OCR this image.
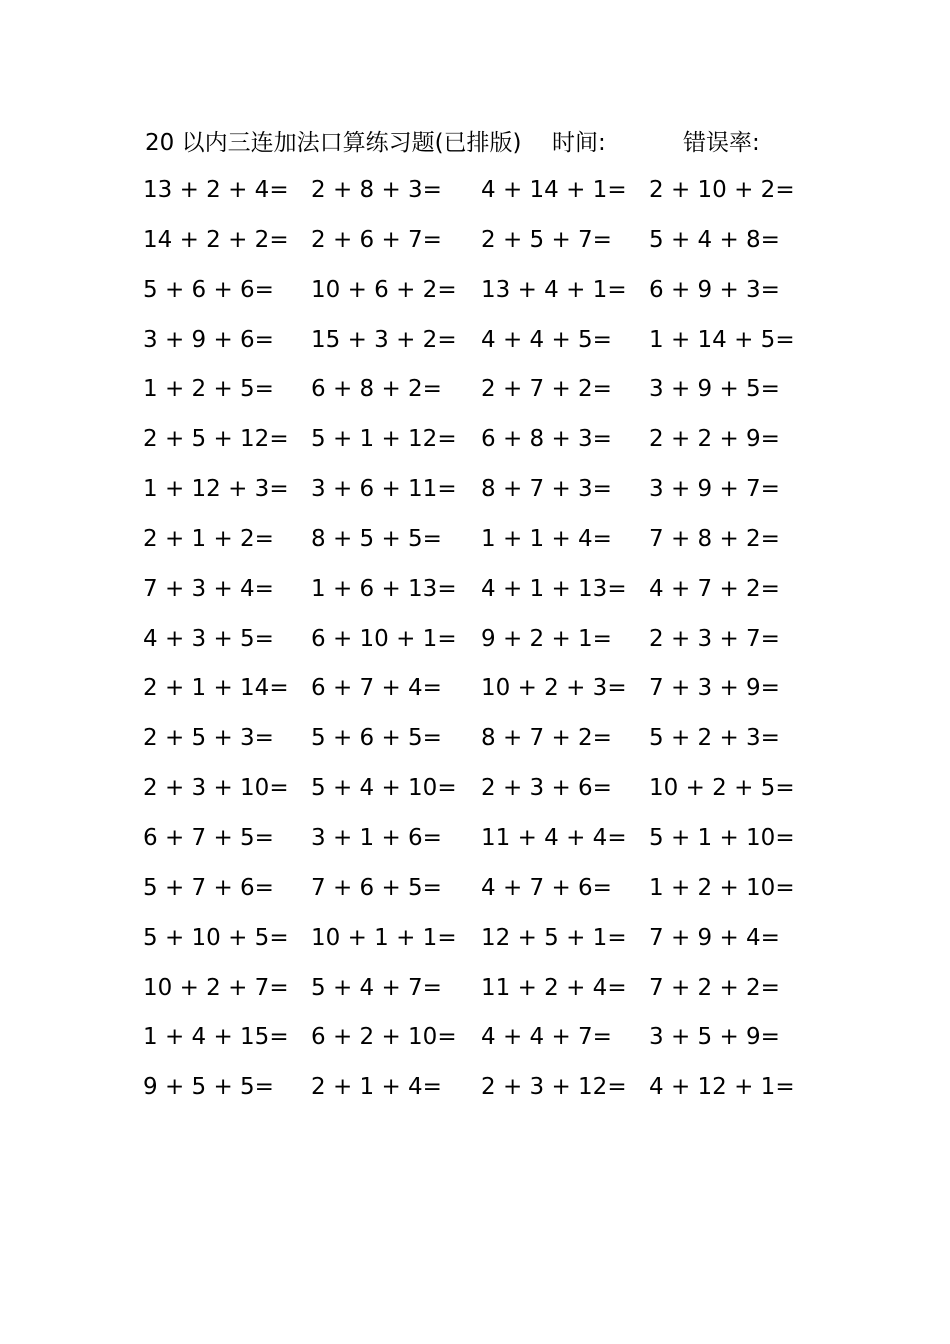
20 以内三连加法口算练习题(已排版) 时间:	错误率:
13 + 2 + 4= 2 + 8 + 3= 4 + 14 + 1= 2 + 10 + 2=
14 + 2 + 2= 2 + 6 + 7= 2 + 5 + 7= 5 + 4 + 8=
5 + 6 + 6= 10 + 6 + 2= 13 + 4 + 1= 6 + 9 + 3=
3 + 9 + 6= 15 + 3 + 2= 4 + 4 + 5= 1 + 14 + 5=
1 + 2 + 5= 6 + 8 + 2= 2 + 7 + 2= 3 + 9 + 5=
2 + 5 + 12= 5 + 1 + 12= 6 + 8 + 3= 2 + 2 + 9=
1 + 12 + 3= 3 + 6 + 11= 8 + 7 + 3= 3 + 9 + 7=
2 + 1 + 2= 8 + 5 + 5= 1 + 1 + 4= 7 + 8 + 2=
7 + 3 + 4= 1 + 6 + 13= 4 + 1 + 13= 4 + 7 + 2=
4 + 3 + 5= 6 + 10 + 1= 9 + 2 + 1= 2 + 3 + 7=
2 + 1 + 14= 6 + 7 + 4= 10 + 2 + 3= 7 + 3 + 9=
2 + 5 + 3= 5 + 6 + 5= 8 + 7 + 2= 5 + 2 + 3=
2 + 3 + 10= 5 + 4 + 10= 2 + 3 + 6= 10 + 2 + 5=
6 + 7 + 5= 3 + 1 + 6= 11 + 4 + 4= 5 + 1 + 10=
5 + 7 + 6= 7 + 6 + 5= 4 + 7 + 6= 1 + 2 + 10=
5 + 10 + 5= 10 + 1 + 1= 12 + 5 + 1= 7 + 9 + 4=
10 + 2 + 7= 5 + 4 + 7= 11 + 2 + 4= 7 + 2 + 2=
1 + 4 + 15= 6 + 2 + 10= 4 + 4 + 7= 3 + 5 + 9=
9 + 5 + 5= 2 + 1 + 4= 2 + 3 + 12= 4 + 12 + 1=
